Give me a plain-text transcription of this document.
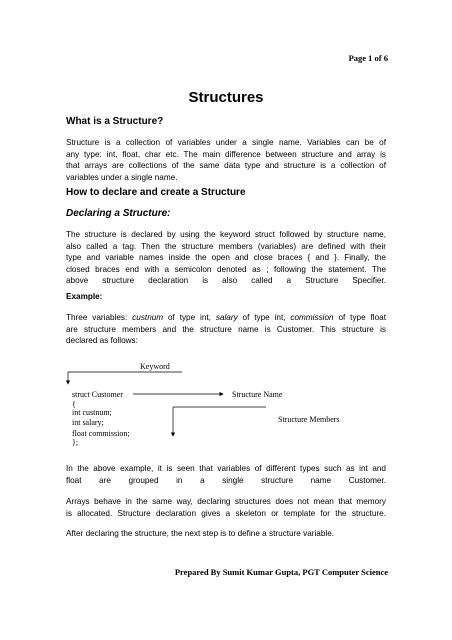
Page 1 of 6
Structures
What is a Structure?
Structure is a collection of variables under a single name. Variables can be of
any type: int, float, char etc. The main difference between structure and array is
that arrays are collections of the same data type and structure is a collection of
variables under a single name.
How to declare and create a Structure
Declaring a Structure:
The structure is declared by using the keyword struct followed by structure name,
also called a tag. Then the structure members (variables) are defined with their
type and variable names inside the open and close braces { and }. Finally, the
closed braces end with a semicolon denoted as ; following the statement. The
above structure declaration is also called a Structure Specifier.
Example:
Three variables: custnum of type int, salary of type int, commission of type float
are structure members and the structure name is Customer. This structure is
declared as follows:
Keyword
struct Customer	Structure Name
{
int custnum;
int salary;
float commission;
};
Structure Members
In the above example, it is seen that variables of different types such as int and
float are grouped in a single structure name Customer.
Arrays behave in the same way, declaring structures does not mean that memory
is allocated. Structure declaration gives a skeleton or template for the structure.
After declaring the structure, the next step is to define a structure variable.
Prepared By Sumit Kumar Gupta, PGT Computer Science
